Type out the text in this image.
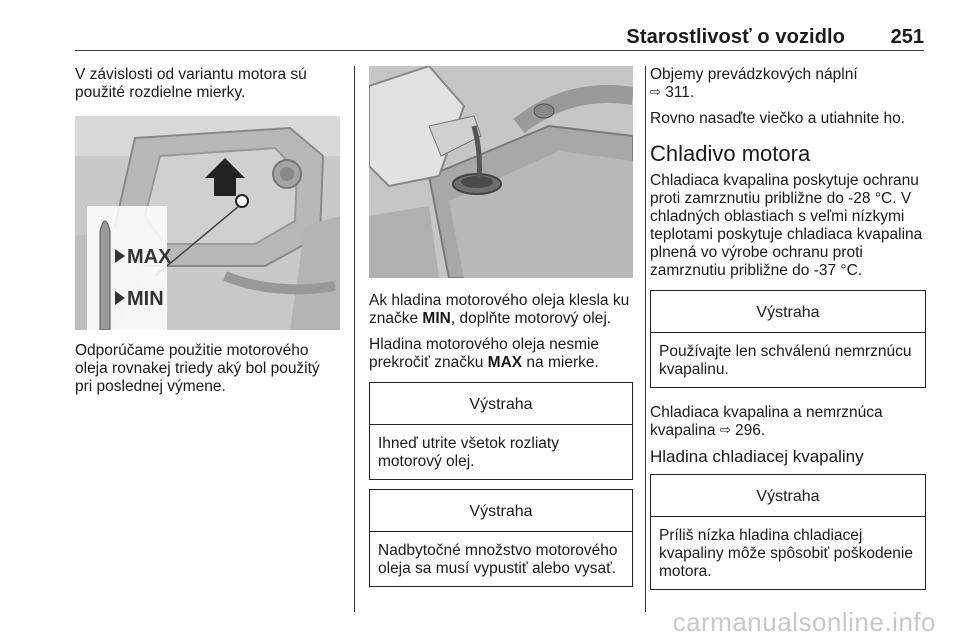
Starostlivosť o vozidlo 251

V závislosti od variantu motora sú použité rozdielne mierky.

MAX
MIN

Odporúčame použitie motorového oleja rovnakej triedy aký bol použitý pri poslednej výmene.

Ak hladina motorového oleja klesla ku značke MIN, doplňte motorový olej.

Hladina motorového oleja nesmie prekročiť značku MAX na mierke.

Výstraha
Ihneď utrite všetok rozliaty motorový olej.
Výstraha
Nadbytočné množstvo motorového oleja sa musí vypustiť alebo vysať.

Objemy prevádzkových náplní
⇨ 311.

Rovno nasaďte viečko a utiahnite ho.

Chladivo motora

Chladiaca kvapalina poskytuje ochranu proti zamrznutiu približne do -28 °C. V chladných oblastiach s veľmi nízkymi teplotami poskytuje chladiaca kvapalina plnená vo výrobe ochranu proti zamrznutiu približne do -37 °C.

Výstraha
Používajte len schválenú nemrznúcu kvapalinu.

Chladiaca kvapalina a nemrznúca kvapalina ⇨ 296.

Hladina chladiacej kvapaliny
Výstraha
Príliš nízka hladina chladiacej kvapaliny môže spôsobiť poškodenie motora.
carmanualsonline.info
